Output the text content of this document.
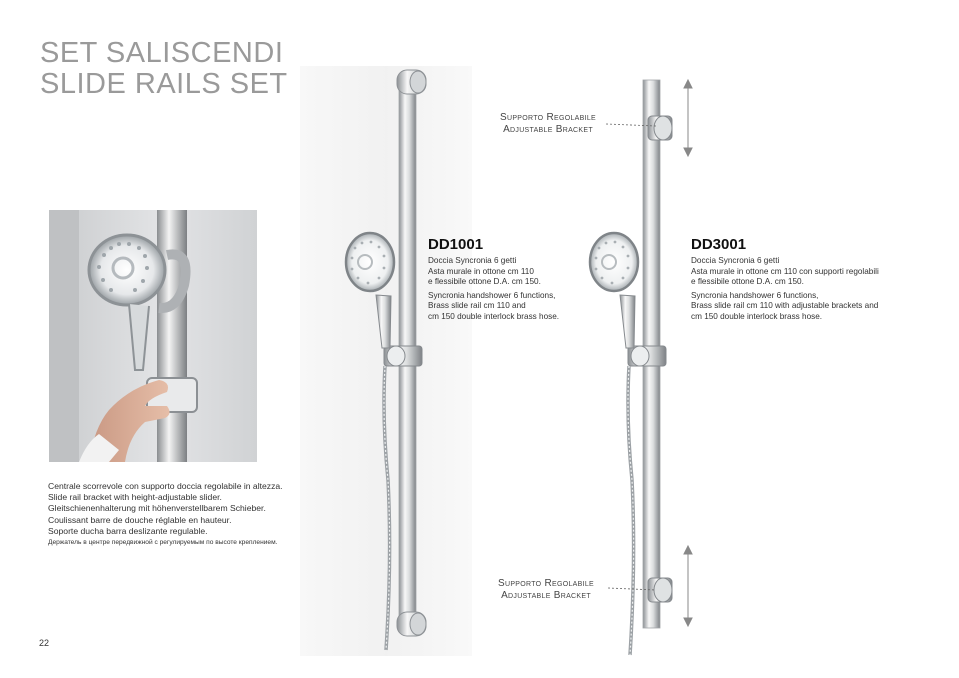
SET SALISCENDI
SLIDE RAILS SET
Centrale scorrevole con supporto doccia regolabile in altezza.
Slide rail bracket with height-adjustable slider.
Gleitschienenhalterung mit höhenverstellbarem Schieber.
Coulissant barre de douche réglable en hauteur.
Soporte ducha barra deslizante regulable.
Держатель в центре передвижной с регулируемым по высоте креплением.
22
Supporto Regolabile
Adjustable Bracket
Supporto Regolabile
Adjustable Bracket
DD1001
Doccia Syncronia 6 getti
Asta murale in ottone cm 110
e flessibile ottone D.A. cm 150.
Syncronia handshower 6 functions,
Brass slide rail cm 110 and
cm 150 double interlock brass hose.
DD3001
Doccia Syncronia 6 getti
Asta murale in ottone cm 110 con supporti regolabili
e flessibile ottone D.A. cm 150.
Syncronia handshower 6 functions,
Brass slide rail cm 110 with adjustable brackets and
cm 150 double interlock brass hose.
